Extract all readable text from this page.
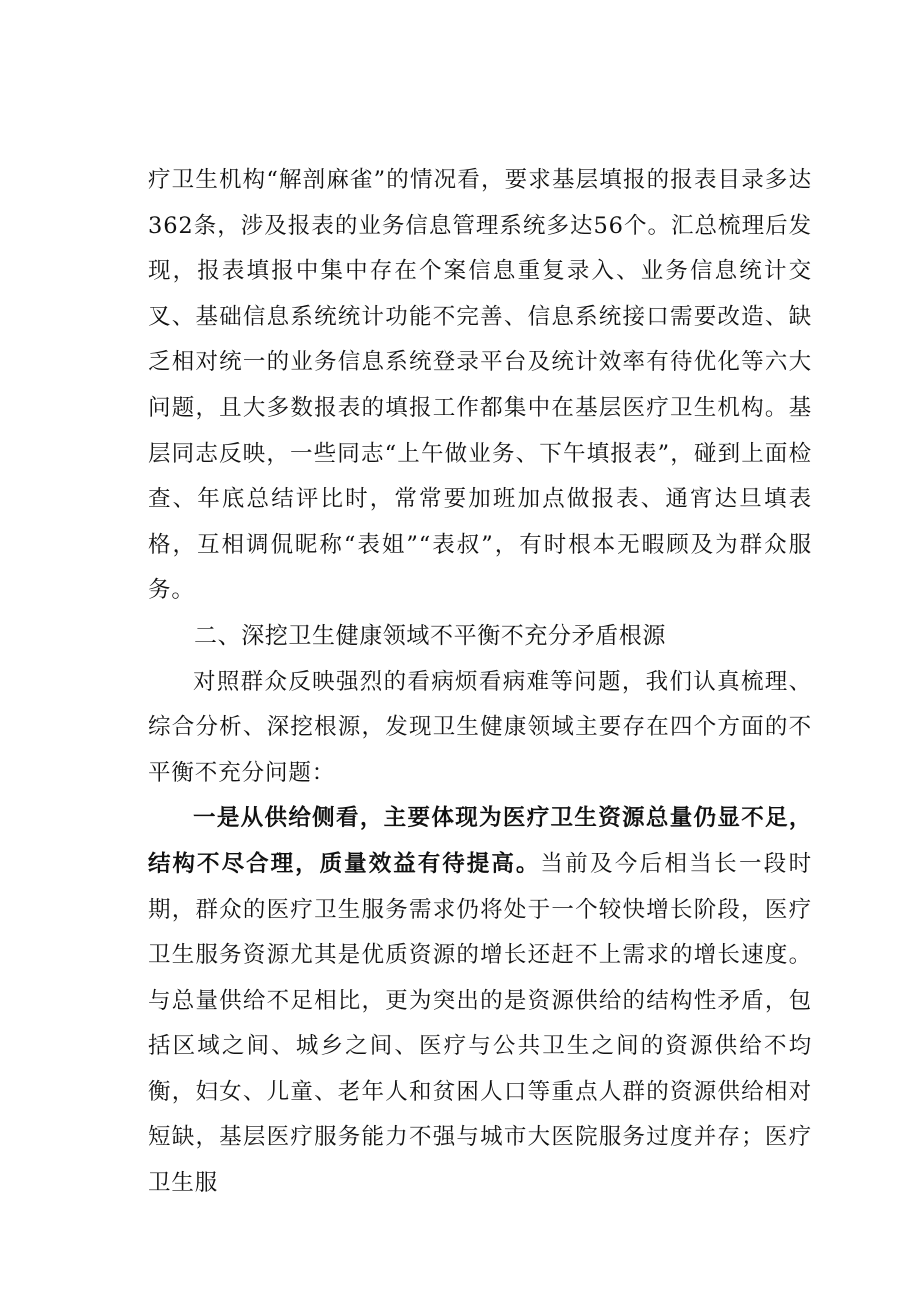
疗卫生机构“解剖麻雀”的情况看，要求基层填报的报表目录多达362条，涉及报表的业务信息管理系统多达56个。汇总梳理后发现，报表填报中集中存在个案信息重复录入、业务信息统计交叉、基础信息系统统计功能不完善、信息系统接口需要改造、缺乏相对统一的业务信息系统登录平台及统计效率有待优化等六大问题，且大多数报表的填报工作都集中在基层医疗卫生机构。基层同志反映，一些同志“上午做业务、下午填报表”，碰到上面检查、年底总结评比时，常常要加班加点做报表、通宵达旦填表格，互相调侃昵称“表姐”“表叔”，有时根本无暇顾及为群众服务。

二、深挖卫生健康领域不平衡不充分矛盾根源

对照群众反映强烈的看病烦看病难等问题，我们认真梳理、综合分析、深挖根源，发现卫生健康领域主要存在四个方面的不平衡不充分问题：

一是从供给侧看，主要体现为医疗卫生资源总量仍显不足，结构不尽合理，质量效益有待提高。当前及今后相当长一段时期，群众的医疗卫生服务需求仍将处于一个较快增长阶段，医疗卫生服务资源尤其是优质资源的增长还赶不上需求的增长速度。与总量供给不足相比，更为突出的是资源供给的结构性矛盾，包括区域之间、城乡之间、医疗与公共卫生之间的资源供给不均衡，妇女、儿童、老年人和贫困人口等重点人群的资源供给相对短缺，基层医疗服务能力不强与城市大医院服务过度并存；医疗卫生服
